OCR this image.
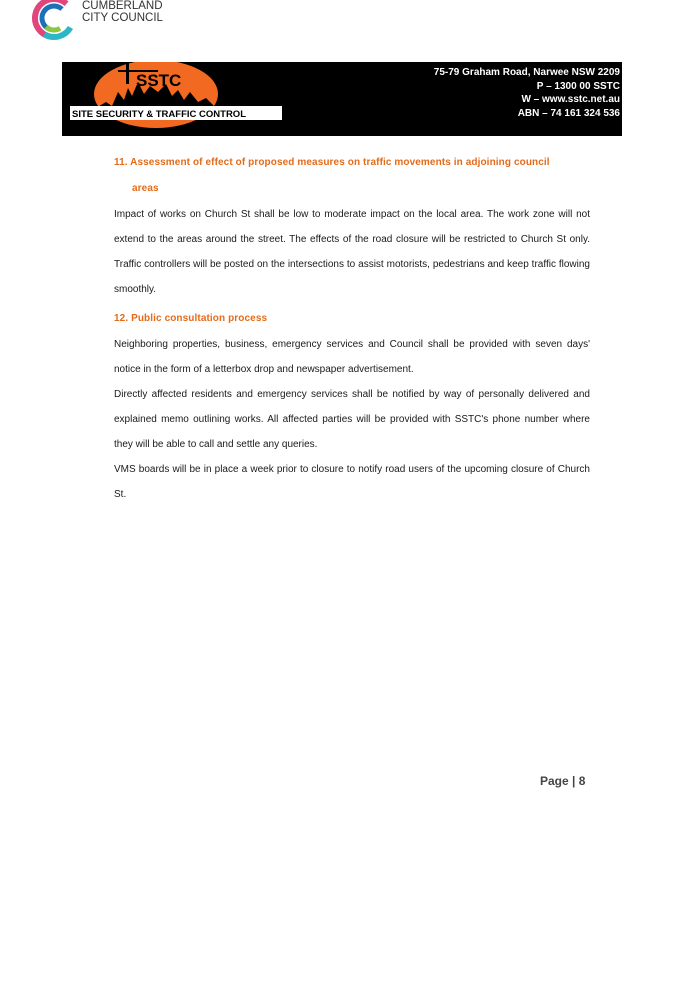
CUMBERLAND
CITY COUNCIL
SSTC
SITE SECURITY & TRAFFIC CONTROL

75-79 Graham Road, Narwee NSW 2209
P – 1300 00 SSTC
W – www.sstc.net.au
ABN – 74 161 324 536
11. Assessment of effect of proposed measures on traffic movements in adjoining council
areas

Impact of works on Church St shall be low to moderate impact on the local area. The work zone will not extend to the areas around the street. The effects of the road closure will be restricted to Church St only. Traffic controllers will be posted on the intersections to assist motorists, pedestrians and keep traffic flowing smoothly.

12. Public consultation process

Neighboring properties, business, emergency services and Council shall be provided with seven days' notice in the form of a letterbox drop and newspaper advertisement.

Directly affected residents and emergency services shall be notified by way of personally delivered and explained memo outlining works. All affected parties will be provided with SSTC's phone number where they will be able to call and settle any queries.

VMS boards will be in place a week prior to closure to notify road users of the upcoming closure of Church St.

Page | 8
